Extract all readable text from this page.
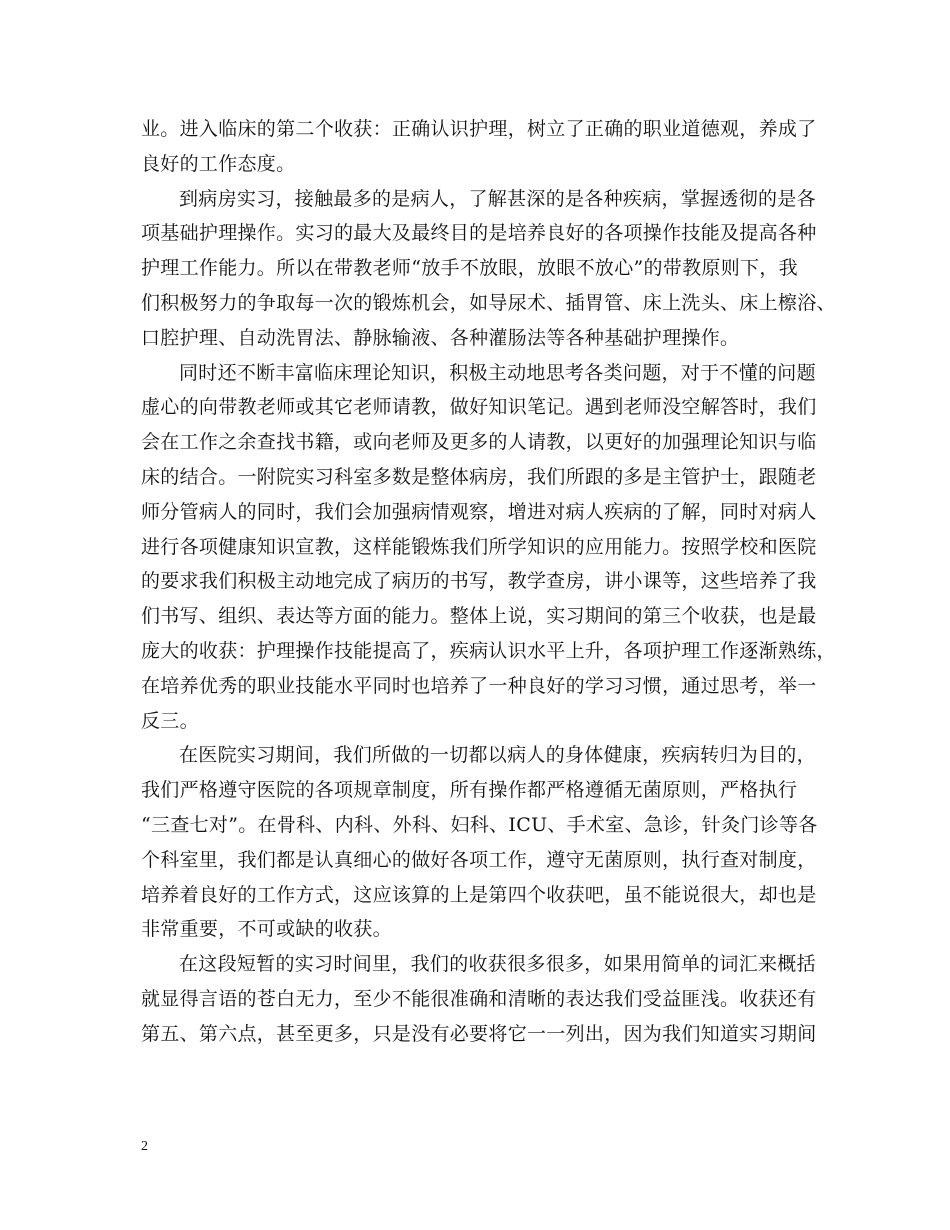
业。进入临床的第二个收获：正确认识护理，树立了正确的职业道德观，养成了
良好的工作态度。

到病房实习，接触最多的是病人，了解甚深的是各种疾病，掌握透彻的是各
项基础护理操作。实习的最大及最终目的是培养良好的各项操作技能及提高各种
护理工作能力。所以在带教老师“放手不放眼，放眼不放心”的带教原则下，我
们积极努力的争取每一次的锻炼机会，如导尿术、插胃管、床上洗头、床上檫浴、
口腔护理、自动洗胃法、静脉输液、各种灌肠法等各种基础护理操作。

同时还不断丰富临床理论知识，积极主动地思考各类问题，对于不懂的问题
虚心的向带教老师或其它老师请教，做好知识笔记。遇到老师没空解答时，我们
会在工作之余查找书籍，或向老师及更多的人请教，以更好的加强理论知识与临
床的结合。一附院实习科室多数是整体病房，我们所跟的多是主管护士，跟随老
师分管病人的同时，我们会加强病情观察，增进对病人疾病的了解，同时对病人
进行各项健康知识宣教，这样能锻炼我们所学知识的应用能力。按照学校和医院
的要求我们积极主动地完成了病历的书写，教学查房，讲小课等，这些培养了我
们书写、组织、表达等方面的能力。整体上说，实习期间的第三个收获，也是最
庞大的收获：护理操作技能提高了，疾病认识水平上升，各项护理工作逐渐熟练，
在培养优秀的职业技能水平同时也培养了一种良好的学习习惯，通过思考，举一
反三。

在医院实习期间，我们所做的一切都以病人的身体健康，疾病转归为目的，
我们严格遵守医院的各项规章制度，所有操作都严格遵循无菌原则，严格执行
“三查七对”。在骨科、内科、外科、妇科、ICU、手术室、急诊，针灸门诊等各
个科室里，我们都是认真细心的做好各项工作，遵守无菌原则，执行查对制度，
培养着良好的工作方式，这应该算的上是第四个收获吧，虽不能说很大，却也是
非常重要，不可或缺的收获。

在这段短暂的实习时间里，我们的收获很多很多，如果用简单的词汇来概括
就显得言语的苍白无力，至少不能很准确和清晰的表达我们受益匪浅。收获还有
第五、第六点，甚至更多，只是没有必要将它一一列出，因为我们知道实习期间

2
